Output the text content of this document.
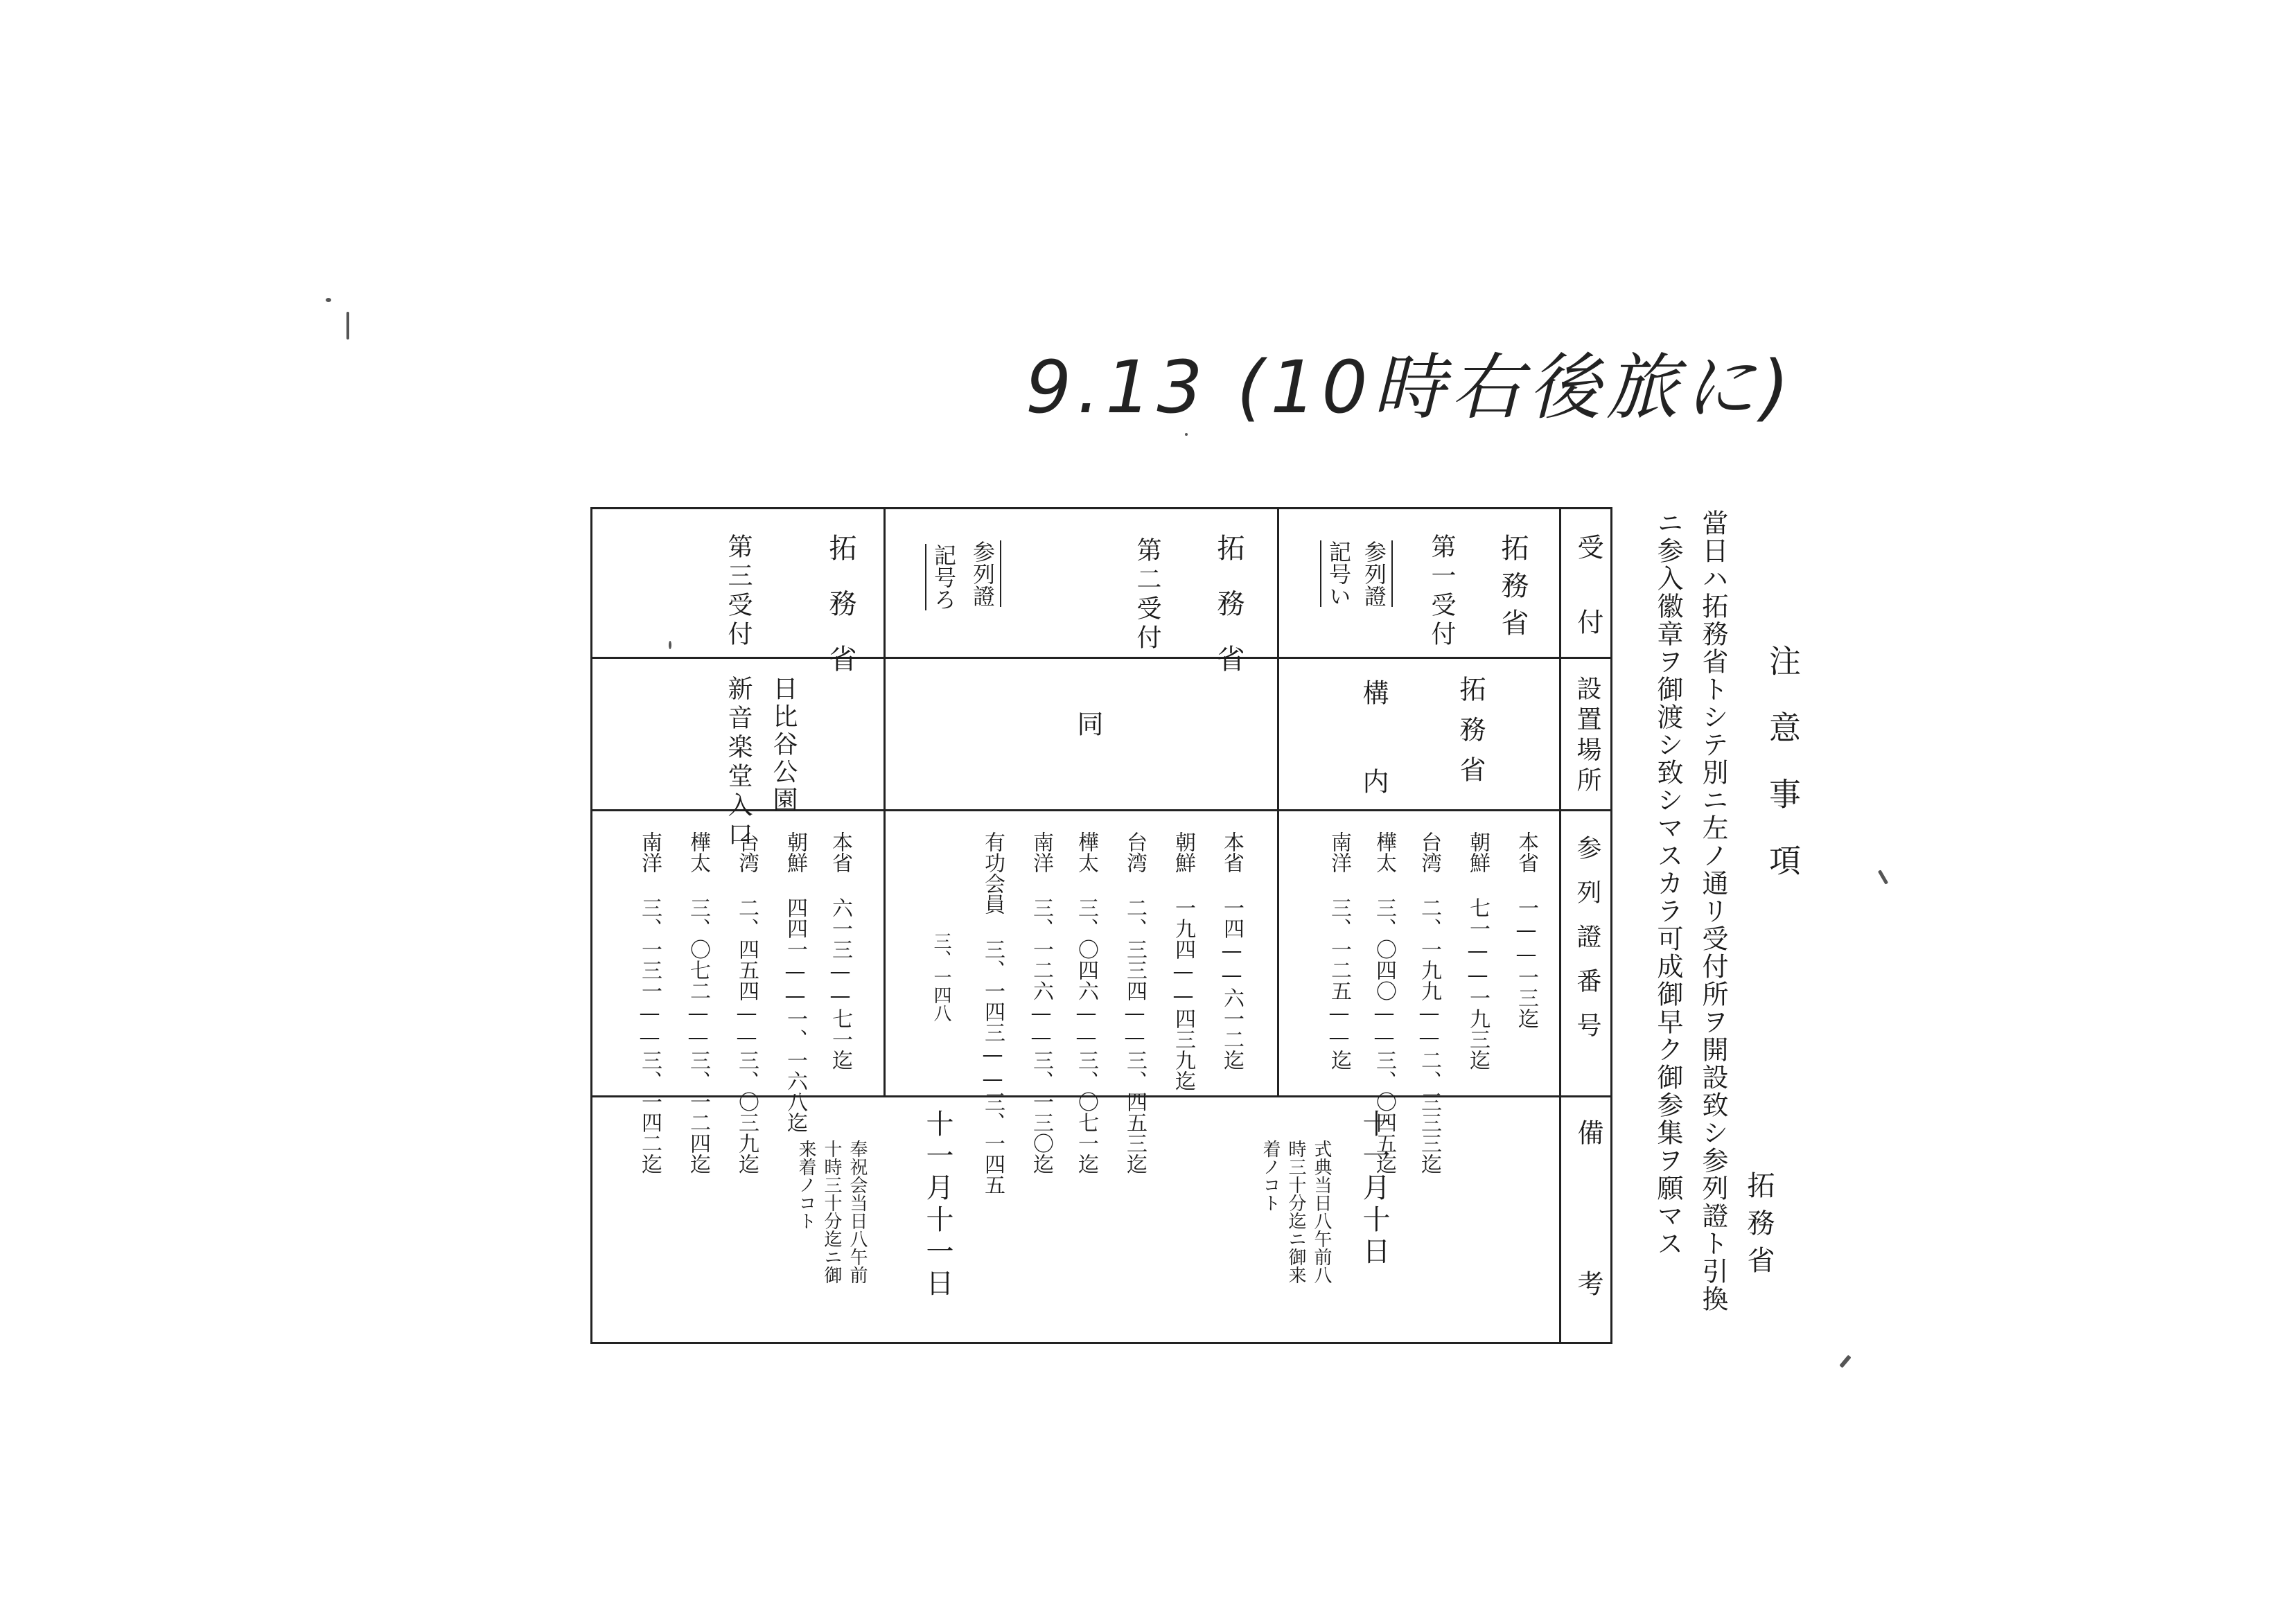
9.13 (10時右後旅に)
注意事項
當日ハ拓務省トシテ別ニ左ノ通リ受付所ヲ開設致シ参列證ト引換
ニ参入徽章ヲ御渡シ致シマスカラ可成御早ク御参集ヲ願マス 拓務省
受付
設置場所
参列證番号
備考
拓務省
第一受付
参列證
記号い
拓務省
構内
本省 一——一三迄
朝鮮 七一——一九三迄
台湾 二、一九九——二、三三三迄
樺太 三、〇四〇——三、〇四五迄
南洋 三、一二五——迄
十一月十日
式典当日八午前八時三十分迄ニ御来着ノコト
拓務省
第二受付
参列證
記号ろ
同
本省 一四——六一二迄
朝鮮 一九四——四三九迄
台湾 二、三三四——三、四五三迄
樺太 三、〇四六——三、〇七一迄
南洋 三、一二六——三、一三〇迄
有功会員 三、一四三——三、一四五
三、一四八
十一月十一日
奉祝会当日八午前十時三十分迄ニ御来着ノコト
拓務省
第三受付
日比谷公園
新音楽堂入口
本省 六一三——七一迄
朝鮮 四四一——一、一六八迄
台湾 二、四五四——三、〇三九迄
樺太 三、〇七二——三、一二四迄
南洋 三、一三一——三、一四二迄
